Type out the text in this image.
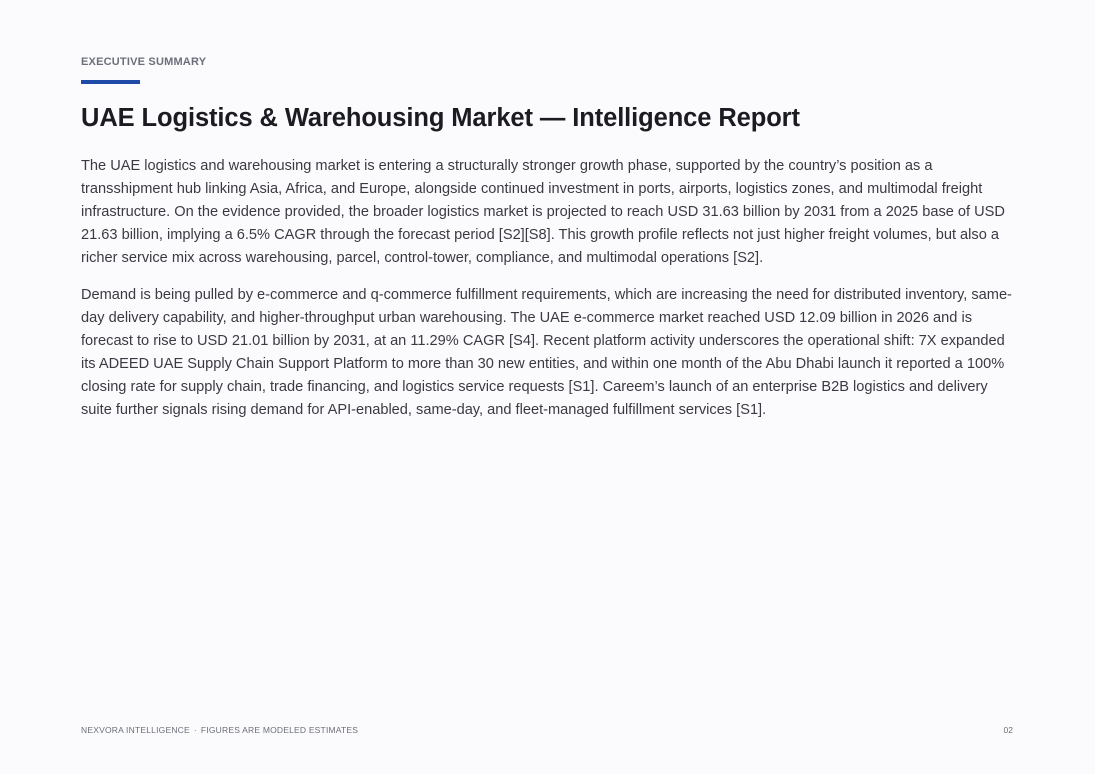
EXECUTIVE SUMMARY
UAE Logistics & Warehousing Market — Intelligence Report

The UAE logistics and warehousing market is entering a structurally stronger growth phase, supported by the country’s position as a transshipment hub linking Asia, Africa, and Europe, alongside continued investment in ports, airports, logistics zones, and multimodal freight infrastructure. On the evidence provided, the broader logistics market is projected to reach USD 31.63 billion by 2031 from a 2025 base of USD 21.63 billion, implying a 6.5% CAGR through the forecast period [S2][S8]. This growth profile reflects not just higher freight volumes, but also a richer service mix across warehousing, parcel, control-tower, compliance, and multimodal operations [S2].

Demand is being pulled by e-commerce and q-commerce fulfillment requirements, which are increasing the need for distributed inventory, same-day delivery capability, and higher-throughput urban warehousing. The UAE e-commerce market reached USD 12.09 billion in 2026 and is forecast to rise to USD 21.01 billion by 2031, at an 11.29% CAGR [S4]. Recent platform activity underscores the operational shift: 7X expanded its ADEED UAE Supply Chain Support Platform to more than 30 new entities, and within one month of the Abu Dhabi launch it reported a 100% closing rate for supply chain, trade financing, and logistics service requests [S1]. Careem’s launch of an enterprise B2B logistics and delivery suite further signals rising demand for API-enabled, same-day, and fleet-managed fulfillment services [S1].

NEXVORA INTELLIGENCE · FIGURES ARE MODELED ESTIMATES	02
